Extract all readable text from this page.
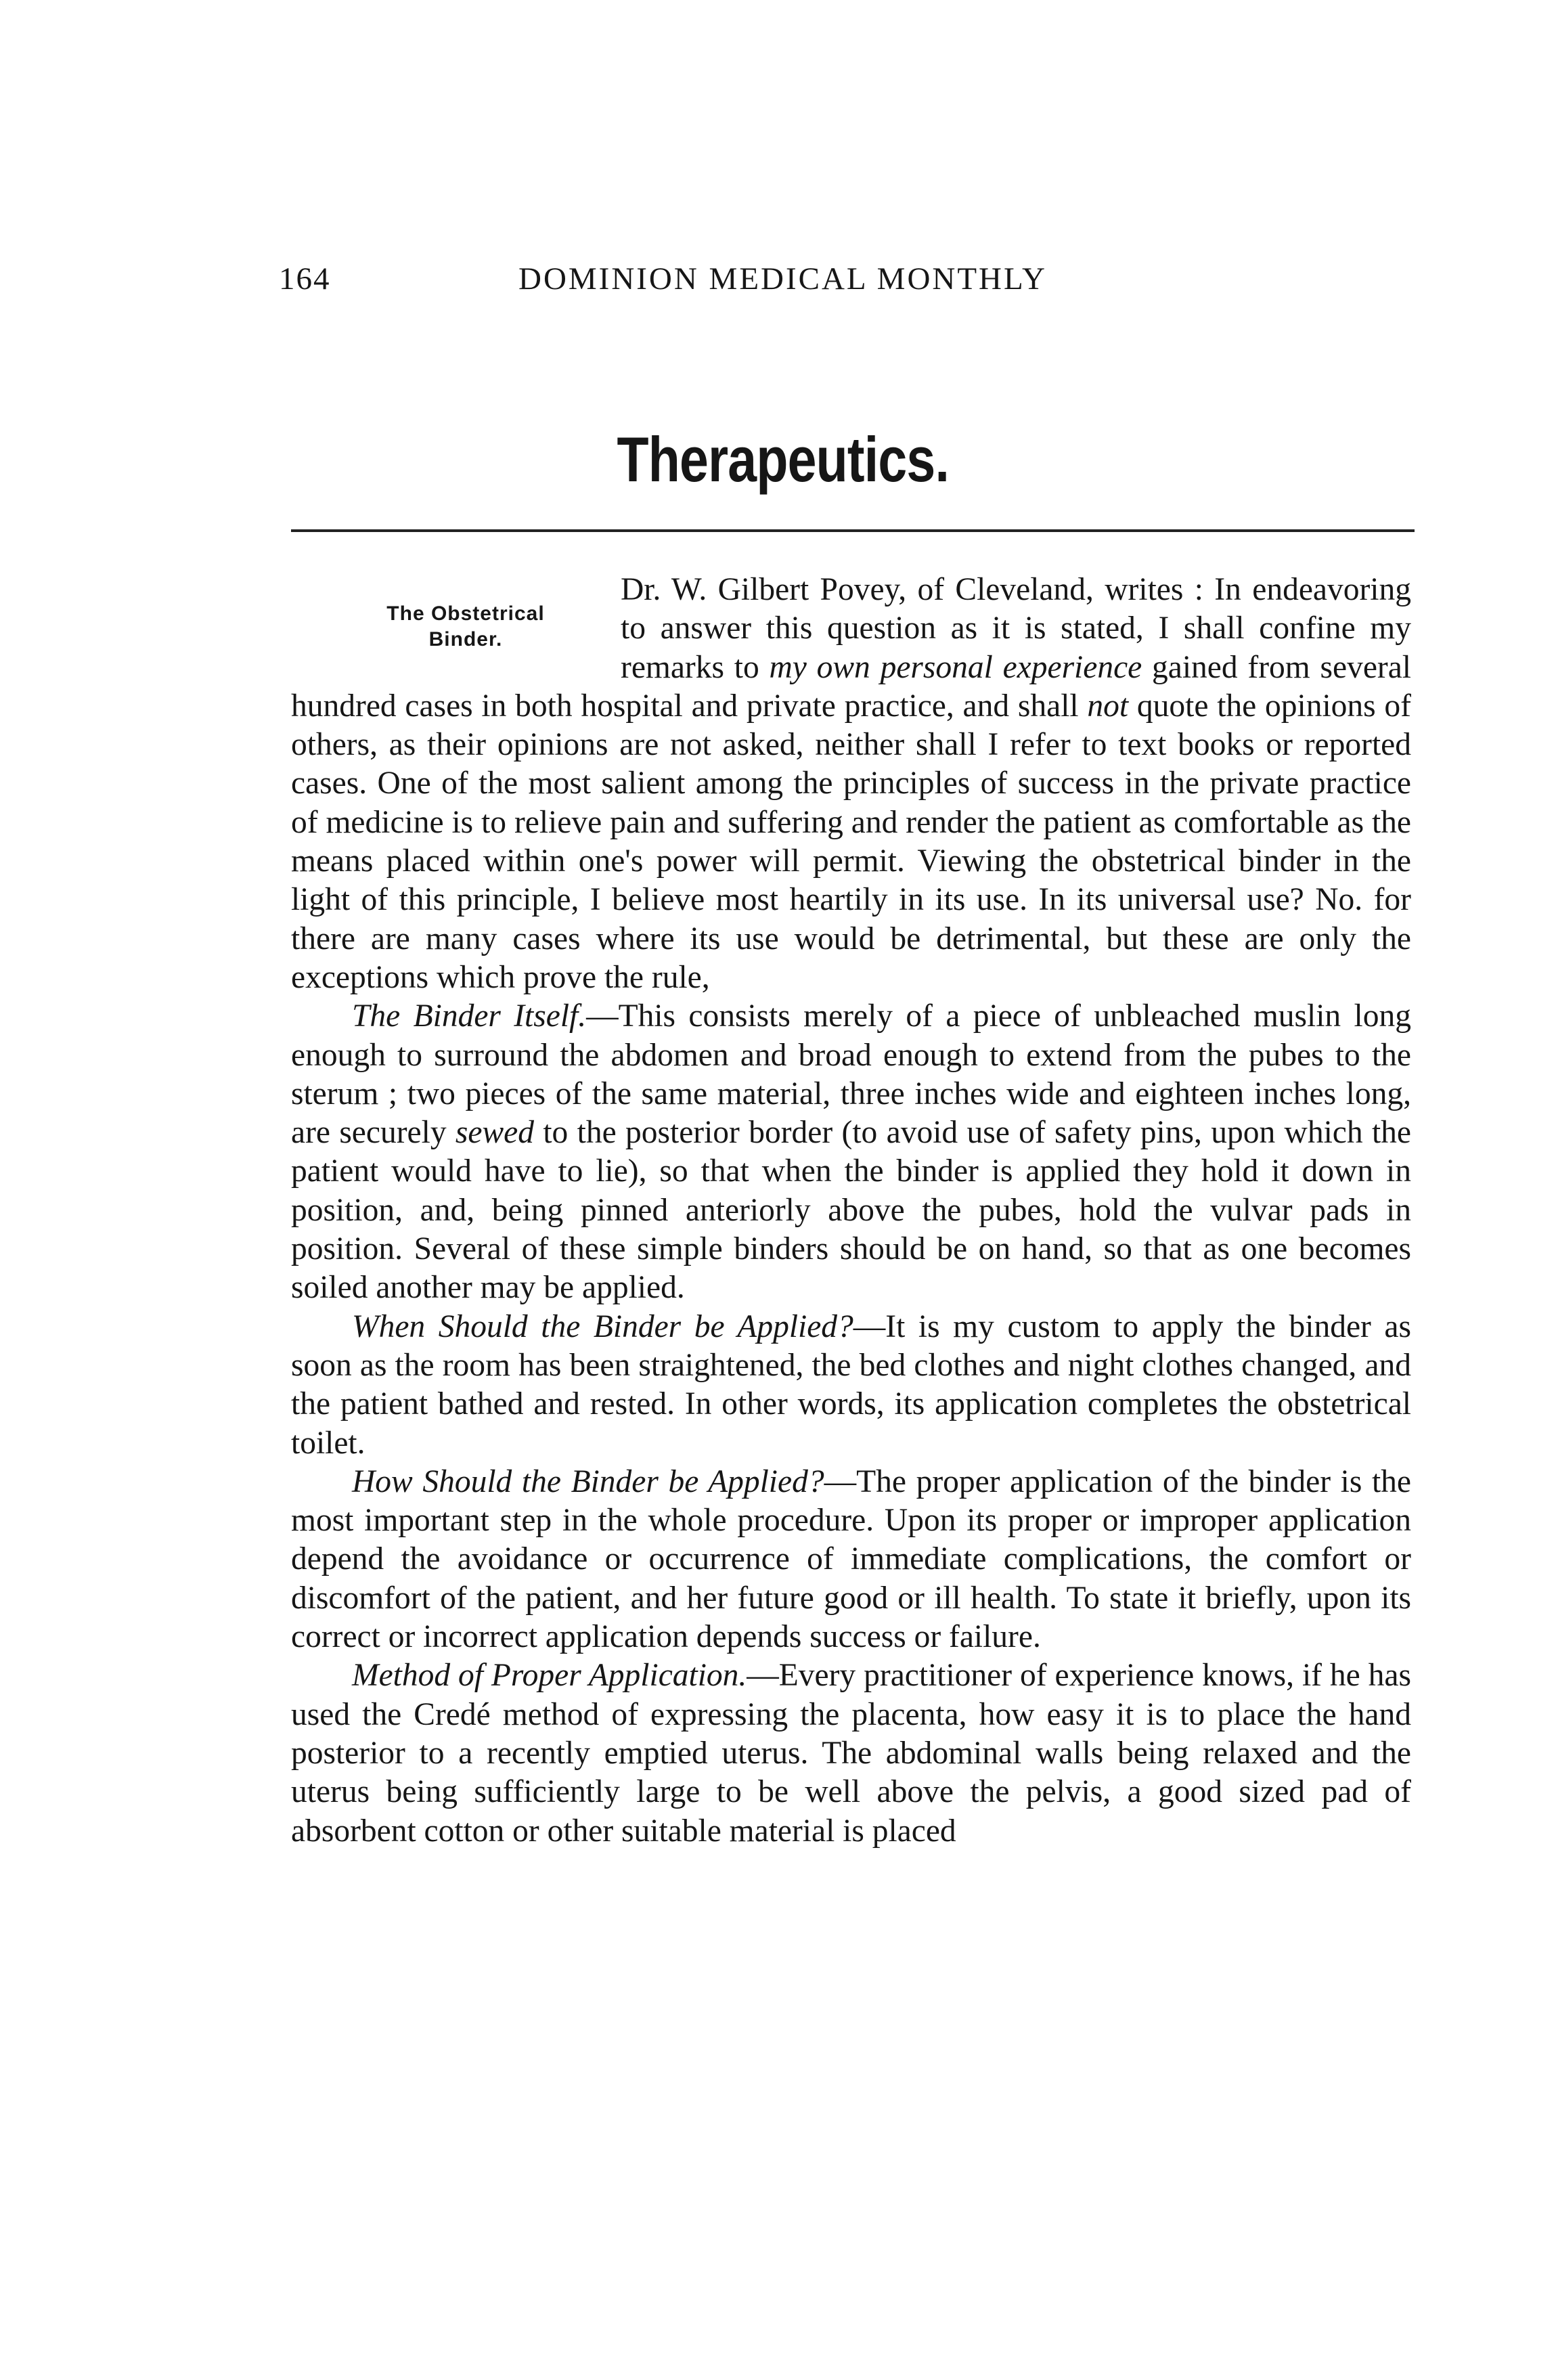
164	DOMINION MEDICAL MONTHLY
Therapeutics.
The Obstetrical
Binder.

Dr. W. Gilbert Povey, of Cleveland, writes : In endeavoring to answer this question as it is stated, I shall confine my remarks to my own personal experience gained from several hundred cases in both hospital and private practice, and shall not quote the opinions of others, as their opinions are not asked, neither shall I refer to text books or reported cases. One of the most salient among the principles of success in the private practice of medicine is to relieve pain and suffering and render the patient as comfortable as the means placed within one's power will permit. Viewing the obstetrical binder in the light of this principle, I believe most heartily in its use. In its universal use? No. for there are many cases where its use would be detrimental, but these are only the exceptions which prove the rule,

The Binder Itself.—This consists merely of a piece of unbleached muslin long enough to surround the abdomen and broad enough to extend from the pubes to the sterum ; two pieces of the same material, three inches wide and eighteen inches long, are securely sewed to the posterior border (to avoid use of safety pins, upon which the patient would have to lie), so that when the binder is applied they hold it down in position, and, being pinned anteriorly above the pubes, hold the vulvar pads in position. Several of these simple binders should be on hand, so that as one becomes soiled another may be applied.

When Should the Binder be Applied?—It is my custom to apply the binder as soon as the room has been straightened, the bed clothes and night clothes changed, and the patient bathed and rested. In other words, its application completes the obstetrical toilet.

How Should the Binder be Applied?—The proper application of the binder is the most important step in the whole procedure. Upon its proper or improper application depend the avoidance or occurrence of immediate complications, the comfort or discomfort of the patient, and her future good or ill health. To state it briefly, upon its correct or incorrect application depends success or failure.

Method of Proper Application.—Every practitioner of experience knows, if he has used the Credé method of expressing the placenta, how easy it is to place the hand posterior to a recently emptied uterus. The abdominal walls being relaxed and the uterus being sufficiently large to be well above the pelvis, a good sized pad of absorbent cotton or other suitable material is placed
